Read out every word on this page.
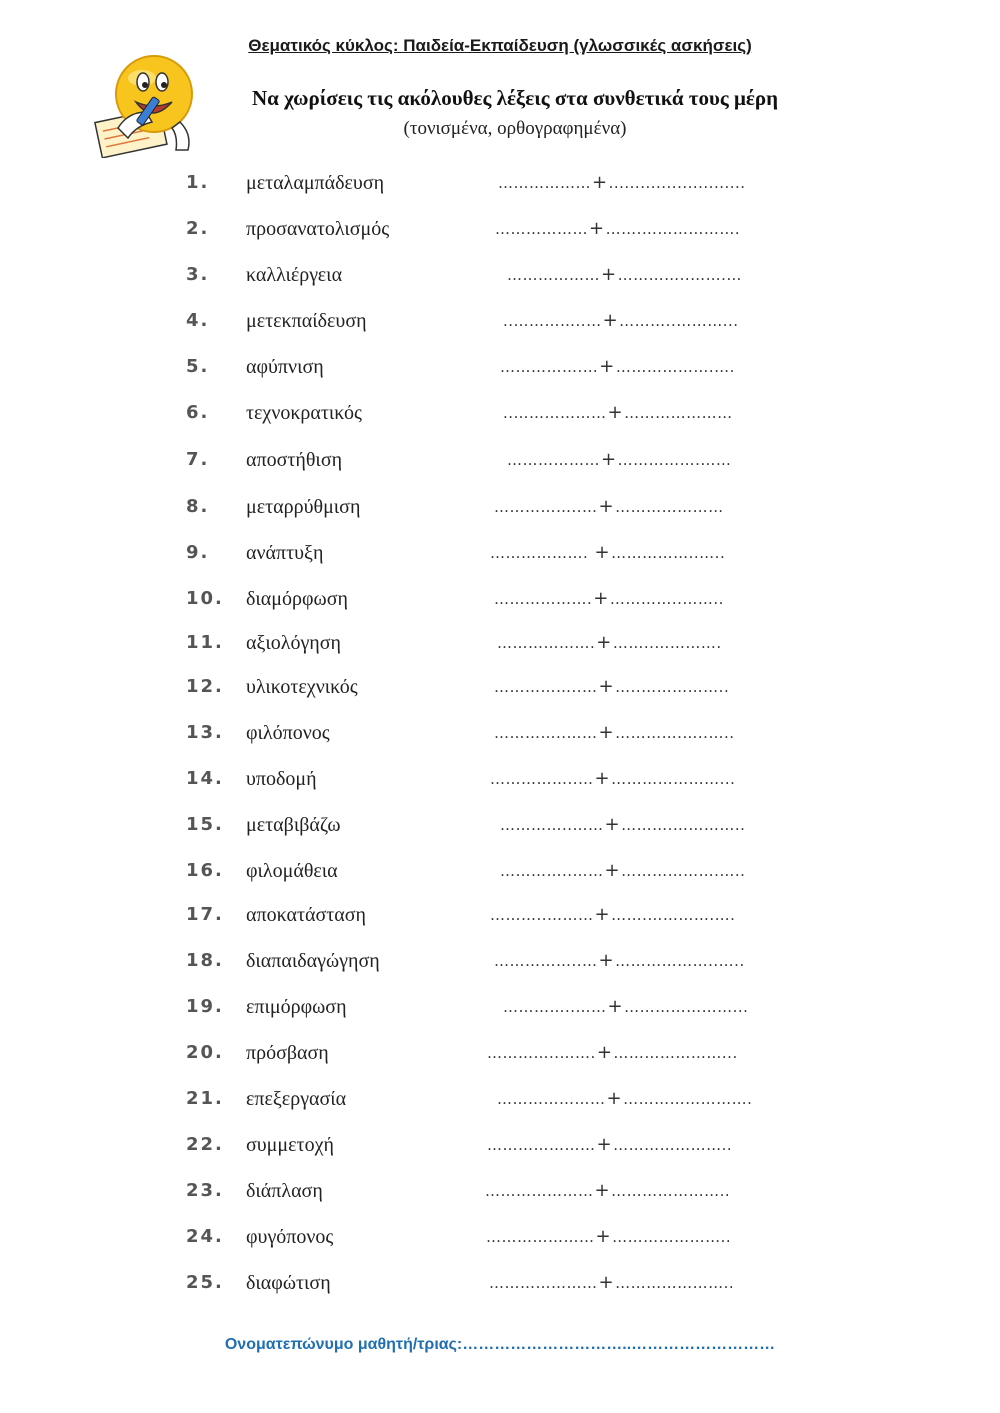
Θεματικός κύκλος: Παιδεία-Εκπαίδευση (γλωσσικές ασκήσεις)
Να χωρίσεις τις ακόλουθες λέξεις στα συνθετικά τους μέρη
(τονισμένα, ορθογραφημένα)
1. μεταλαμπάδευση	………………+..........................
2. προσανατολισμός	………………+…….……………….
3. καλλιέργεια	………………+…………..…….…
4. μετεκπαίδευση	..…………..…+………..………...
5. αφύπνιση	…………….…+……………….….
6. τεχνοκρατικός	..………………+…………………
7. αποστήθιση	………………+…………….……
8. μεταρρύθμιση	……………..…+…………………
9. ανάπτυξη	………………. +……………..…..
10. διαμόρφωση	……………….+…………..……..
11. αξιολόγηση	……………….+……..………….
12. υλικοτεχνικός	……………..…+…..……………..
13. φιλόπονος	…………..……+………….…..…..
14. υποδομή	……………..…+…………………...
15. μεταβιβάζω	…………..……+……….…………..
16. φιλομάθεια	…………..……+……………….…..
17. αποκατάσταση	………..………+…….………….….
18. διαπαιδαγώγηση	……………..…+………………..…..
19. επιμόρφωση	…………..……+…………………...
20. πρόσβαση	…………..…….+…………………...
21. επεξεργασία	…………………+…………………….
22. συμμετοχή	…………………+…………………..
23. διάπλαση	…………………+…………………..
24. φυγόπονος	…………………+…………………..
25. διαφώτιση	…………………+…………………..
Ονοματεπώνυμο μαθητή/τριας:…………………………..………………………
